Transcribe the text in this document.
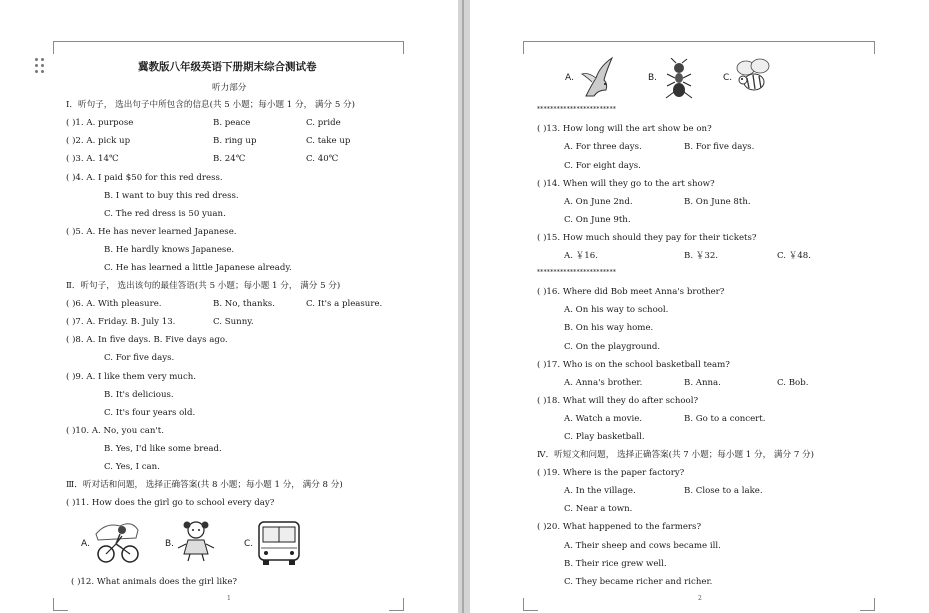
冀教版八年级英语下册期末综合测试卷
听力部分
Ⅰ．听句子， 选出句子中所包含的信息(共 5 小题；每小题 1 分， 满分 5 分)
( )1. A. purpose	B. peace	C. pride
( )2. A. pick up	B. ring up	C. take up
( )3. A. 14℃	B. 24℃	C. 40℃
( )4. A. I paid $50 for this red dress.
B. I want to buy this red dress.
C. The red dress is 50 yuan.
( )5. A. He has never learned Japanese.
B. He hardly knows Japanese.
C. He has learned a little Japanese already.
Ⅱ．听句子， 选出该句的最佳答语(共 5 小题；每小题 1 分， 满分 5 分)
( )6. A. With pleasure.	B. No, thanks.	C. It's a pleasure.
( )7. A. Friday. B. July 13.	C. Sunny.
( )8. A. In five days. B. Five days ago.
C. For five days.
( )9. A. I like them very much.
B. It's delicious.
C. It's four years old.
( )10. A. No, you can't.
B. Yes, I'd like some bread.
C. Yes, I can.
Ⅲ．听对话和问题， 选择正确答案(共 8 小题；每小题 1 分， 满分 8 分)
( )11. How does the girl go to school every day?
A.	B.	C.
( )12. What animals does the girl like?
1
A.	B.	C.
************************
( )13. How long will the art show be on?
A. For three days.	B. For five days.
C. For eight days.
( )14. When will they go to the art show?
A. On June 2nd.	B. On June 8th.
C. On June 9th.
( )15. How much should they pay for their tickets?
A. ￥16.	B. ￥32.	C. ￥48.
************************
( )16. Where did Bob meet Anna's brother?
A. On his way to school.
B. On his way home.
C. On the playground.
( )17. Who is on the school basketball team?
A. Anna's brother.	B. Anna.	C. Bob.
( )18. What will they do after school?
A. Watch a movie.	B. Go to a concert.
C. Play basketball.
Ⅳ．听短文和问题， 选择正确答案(共 7 小题；每小题 1 分， 满分 7 分)
( )19. Where is the paper factory?
A. In the village.	B. Close to a lake.
C. Near a town.
( )20. What happened to the farmers?
A. Their sheep and cows became ill.
B. Their rice grew well.
C. They became richer and richer.
2
